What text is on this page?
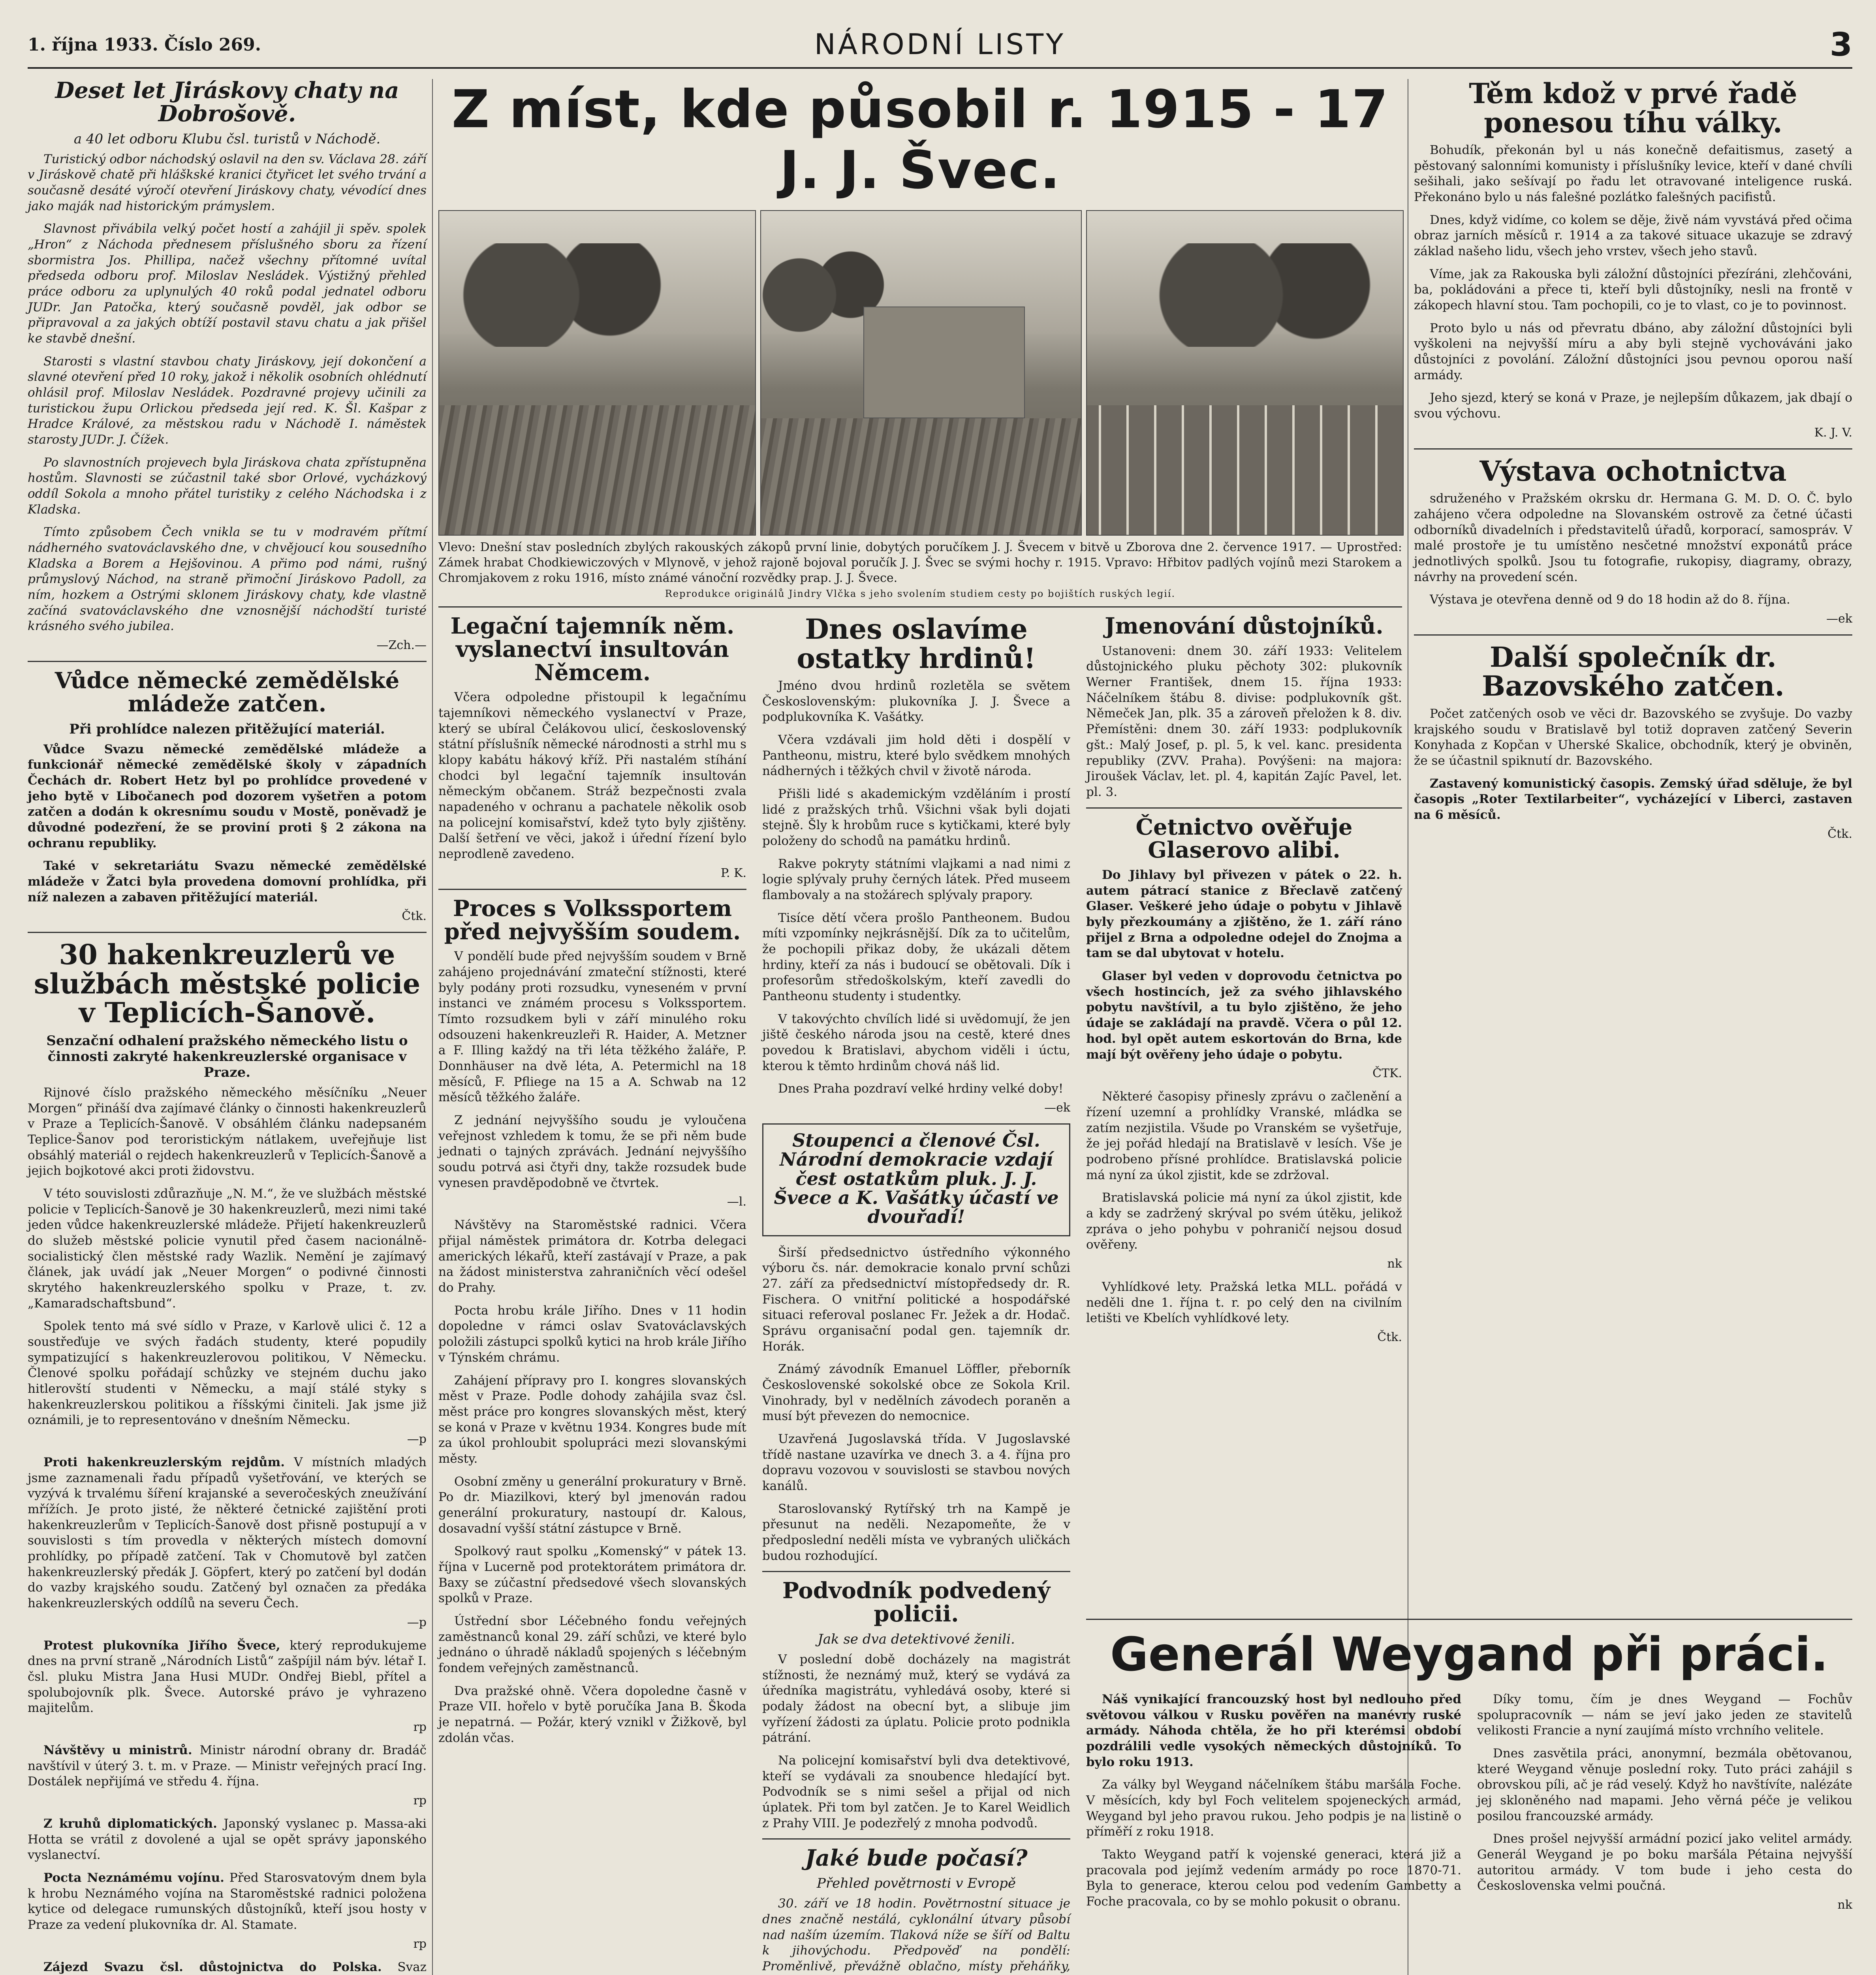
1. října 1933. Číslo 269.	NÁRODNÍ LISTY	3
Deset let Jiráskovy chaty na Dobrošově.
a 40 let odboru Klubu čsl. turistů v Náchodě.

Turistický odbor náchodský oslavil na den sv. Václava 28. září v Jiráskově chatě při hláškské kranici čtyřicet let svého trvání a současně desáté výročí otevření Jiráskovy chaty, vévodící dnes jako maják nad historickým prámyslem.

Slavnost přivábila velký počet hostí a zahájil ji spěv. spolek „Hron“ z Náchoda přednesem příslušného sboru za řízení sbormistra Jos. Phillipa, načež všechny přítomné uvítal předseda odboru prof. Miloslav Nesládek. Výstižný přehled práce odboru za uplynulých 40 roků podal jednatel odboru JUDr. Jan Patočka, který současně povděl, jak odbor se připravoval a za jakých obtíží postavil stavu chatu a jak přišel ke stavbě dnešní.

Starosti s vlastní stavbou chaty Jiráskovy, její dokončení a slavné otevření před 10 roky, jakož i několik osobních ohlédnutí ohlásil prof. Miloslav Nesládek. Pozdravné projevy učinili za turistickou župu Orlickou předseda její red. K. Šl. Kašpar z Hradce Králové, za městskou radu v Náchodě I. náměstek starosty JUDr. J. Čížek.

Po slavnostních projevech byla Jiráskova chata zpřístupněna hostům. Slavnosti se zúčastnil také sbor Orlové, vycházkový oddíl Sokola a mnoho přátel turistiky z celého Náchodska i z Kladska.

Tímto způsobem Čech vnikla se tu v modravém přítmí nádherného svatováclavského dne, v chvějoucí kou sousedního Kladska a Borem a Hejšovinou. A přimo pod námi, rušný průmyslový Náchod, na straně přimoční Jiráskovo Padoll, za ním, hozkem a Ostrými sklonem Jiráskovy chaty, kde vlastně začíná svatováclavského dne vznosnější náchodští turisté krásného svého jubilea.

—Zch.—
Vůdce německé zemědělské mládeže zatčen.
Při prohlídce nalezen přitěžující materiál.

Vůdce Svazu německé zemědělské mládeže a funkcionář německé zemědělské školy v západních Čechách dr. Robert Hetz byl po prohlídce provedené v jeho bytě v Libočanech pod dozorem vyšetřen a potom zatčen a dodán k okresnímu soudu v Mostě, poněvadž je důvodné podezření, že se proviní proti § 2 zákona na ochranu republiky.

Také v sekretariátu Svazu německé zemědělské mládeže v Žatci byla provedena domovní prohlídka, při níž nalezen a zabaven přitěžující materiál.

Čtk.
30 hakenkreuzlerů ve službách městské policie v Teplicích-Šanově.
Senzační odhalení pražského německého listu o činnosti zakryté hakenkreuzlerské organisace v Praze.

Rijnové číslo pražského německého měsíčníku „Neuer Morgen“ přináší dva zajímavé články o činnosti hakenkreuzlerů v Praze a Teplicích-Šanově. V obsáhlém článku nadepsaném Teplice-Šanov pod teroristickým nátlakem, uveřejňuje list obsáhlý materiál o rejdech hakenkreuzlerů v Teplicích-Šanově a jejich bojkotové akci proti židovstvu.

V této souvislosti zdůrazňuje „N. M.“, že ve službách městské policie v Teplicích-Šanově je 30 hakenkreuzlerů, mezi nimi také jeden vůdce hakenkreuzlerské mládeže. Přijetí hakenkreuzlerů do služeb městské policie vynutil před časem nacionálně-socialistický člen městské rady Wazlik. Nemění je zajímavý článek, jak uvádí jak „Neuer Morgen“ o podivné činnosti skrytého hakenkreuzlerského spolku v Praze, t. zv. „Kamaradschaftsbund“.

Spolek tento má své sídlo v Praze, v Karlově ulici č. 12 a soustřeďuje ve svých řadách studenty, které popudily sympatizující s hakenkreuzlerovou politikou, V Německu. Členové spolku pořádají schůzky ve stejném duchu jako hitlerovští studenti v Německu, a mají stálé styky s hakenkreuzlerskou politikou a říšskými činiteli. Jak jsme již oznámili, je to representováno v dnešním Německu.

—p

Proti hakenkreuzlerským rejdům. V místních mladých jsme zaznamenali řadu případů vyšetřování, ve kterých se vyzývá k trvalému šíření krajanské a severočeských zneužívání mřížích. Je proto jisté, že některé četnické zajištění proti hakenkreuzlerům v Teplicích-Šanově dost přisně postupují a v souvislosti s tím provedla v některých místech domovní prohlídky, po případě zatčení. Tak v Chomutově byl zatčen hakenkreuzlerský předák J. Göpfert, který po zatčení byl dodán do vazby krajského soudu. Zatčený byl označen za předáka hakenkreuzlerských oddílů na severu Čech.

—p

Protest plukovníka Jiřího Švece, který reprodukujeme dnes na první straně „Národních Listů“ zašpíjil nám býv. létař I. čsl. pluku Mistra Jana Husi MUDr. Ondřej Biebl, přítel a spolubojovník plk. Švece. Autorské právo je vyhrazeno majitelům.

rp

Návštěvy u ministrů. Ministr národní obrany dr. Bradáč navštívil v úterý 3. t. m. v Praze. — Ministr veřejných prací Ing. Dostálek nepřijímá ve středu 4. října.

rp

Z kruhů diplomatických. Japonský vyslanec p. Massa-aki Hotta se vrátil z dovolené a ujal se opět správy japonského vyslanectví.

Pocta Neznámému vojínu. Před Starosvatovým dnem byla k hrobu Neznámého vojína na Staroměstské radnici položena kytice od delegace rumunských důstojníků, kteří jsou hosty v Praze za vedení plukovníka dr. Al. Stamate.

rp

Zájezd Svazu čsl. důstojnictva do Polska. Svaz

Z míst, kde působil r. 1915 - 17 J. J. Švec.

Vlevo: Dnešní stav posledních zbylých rakouských zákopů první linie, dobytých poručíkem J. J. Švecem v bitvě u Zborova dne 2. července 1917. — Uprostřed: Zámek hrabat Chodkiewiczových v Mlynově, v jehož rajoně bojoval poručík J. J. Švec se svými hochy r. 1915. Vpravo: Hřbitov padlých vojínů mezi Starokem a Chromjakovem z roku 1916, místo známé vánoční rozvědky prap. J. J. Švece.

Reprodukce originálů Jindry Vlčka s jeho svolením studiem cesty po bojištích ruských legií.
Legační tajemník něm. vyslanectví insultován Němcem.

Včera odpoledne přistoupil k legačnímu tajemníkovi německého vyslanectví v Praze, který se ubíral Čelákovou ulicí, československý státní příslušník německé národnosti a strhl mu s klopy kabátu hákový kříž. Při nastalém stíhání chodci byl legační tajemník insultován německým občanem. Stráž bezpečnosti zvala napadeného v ochranu a pachatele několik osob na policejní komisařství, kdež tyto byly zjištěny. Další šetření ve věci, jakož i úřední řízení bylo neprodleně zavedeno.

P. K.
Proces s Volkssportem před nejvyšším soudem.

V pondělí bude před nejvyšším soudem v Brně zahájeno projednávání zmateční stížnosti, které byly podány proti rozsudku, vyneseném v první instanci ve známém procesu s Volkssportem. Tímto rozsudkem byli v září minulého roku odsouzeni hakenkreuzleři R. Haider, A. Metzner a F. Illing každý na tři léta těžkého žaláře, P. Donnhäuser na dvě léta, A. Petermichl na 18 měsíců, F. Pfliege na 15 a A. Schwab na 12 měsíců těžkého žaláře.

Z jednání nejvyššího soudu je vyloučena veřejnost vzhledem k tomu, že se při něm bude jednati o tajných zprávách. Jednání nejvyššího soudu potrvá asi čtyři dny, takže rozsudek bude vynesen pravděpodobně ve čtvrtek.

—l.

Návštěvy na Staroměstské radnici. Včera přijal náměstek primátora dr. Kotrba delegaci amerických lékařů, kteří zastávají v Praze, a pak na žádost ministerstva zahraničních věcí odešel do Prahy.

Pocta hrobu krále Jiřího. Dnes v 11 hodin dopoledne v rámci oslav Svatováclavských položili zástupci spolků kytici na hrob krále Jiřího v Týnském chrámu.

Zahájení přípravy pro I. kongres slovanských měst v Praze. Podle dohody zahájila svaz čsl. měst práce pro kongres slovanských měst, který se koná v Praze v květnu 1934. Kongres bude mít za úkol prohloubit spolupráci mezi slovanskými městy.

Osobní změny u generální prokuratury v Brně. Po dr. Miazilkovi, který byl jmenován radou generální prokuratury, nastoupí dr. Kalous, dosavadní vyšší státní zástupce v Brně.

Spolkový raut spolku „Komenský“ v pátek 13. října v Lucerně pod protektorátem primátora dr. Baxy se zúčastní předsedové všech slovanských spolků v Praze.

Ústřední sbor Léčebného fondu veřejných zaměstnanců konal 29. září schůzi, ve které bylo jednáno o úhradě nákladů spojených s léčebným fondem veřejných zaměstnanců.

Dva pražské ohně. Včera dopoledne časně v Praze VII. hořelo v bytě poručíka Jana B. Škoda je nepatrná. — Požár, který vznikl v Žižkově, byl zdolán včas.

Dnes oslavíme ostatky hrdinů!

Jméno dvou hrdinů rozletěla se světem Československým: plukovníka J. J. Švece a podplukovníka K. Vašátky.

Včera vzdávali jim hold děti i dospělí v Pantheonu, mistru, které bylo svědkem mnohých nádherných i těžkých chvil v životě národa.

Přišli lidé s akademickým vzděláním i prostí lidé z pražských trhů. Všichni však byli dojati stejně. Šly k hrobům ruce s kytičkami, které byly položeny do schodů na památku hrdinů.

Rakve pokryty státními vlajkami a nad nimi z logie splývaly pruhy černých látek. Před museem flambovaly a na stožárech splývaly prapory.

Tisíce dětí včera prošlo Pantheonem. Budou míti vzpomínky nejkrásnější. Dík za to učitelům, že pochopili přikaz doby, že ukázali dětem hrdiny, kteří za nás i budoucí se obětovali. Dík i profesorům středoškolským, kteří zavedli do Pantheonu studenty i studentky.

V takovýchto chvílích lidé si uvědomují, že jen jiště českého národa jsou na cestě, které dnes povedou k Bratislavi, abychom viděli i úctu, kterou k těmto hrdinům chová náš lid.

Dnes Praha pozdraví velké hrdiny velké doby!

—ek
Stoupenci a členové Čsl. Národní demokracie vzdají čest ostatkům pluk. J. J. Švece a K. Vašátky účastí ve dvouřadí!

Širší předsednictvo ústředního výkonného výboru čs. nár. demokracie konalo první schůzi 27. září za předsednictví místopředsedy dr. R. Fischera. O vnitřní politické a hospodářské situaci referoval poslanec Fr. Ježek a dr. Hodač. Správu organisační podal gen. tajemník dr. Horák.

Známý závodník Emanuel Löffler, přeborník Československé sokolské obce ze Sokola Kril. Vinohrady, byl v nedělních závodech poraněn a musí být převezen do nemocnice.

Uzavřená Jugoslavská třída. V Jugoslavské třídě nastane uzavírka ve dnech 3. a 4. října pro dopravu vozovou v souvislosti se stavbou nových kanálů.

Staroslovanský Rytířský trh na Kampě je přesunut na neděli. Nezapomeňte, že v předposlední neděli místa ve vybraných uličkách budou rozhodující.

Podvodník podvedený policii.
Jak se dva detektivové ženili.

V poslední době docházely na magistrát stížnosti, že neznámý muž, který se vydává za úředníka magistrátu, vyhledává osoby, které si podaly žádost na obecní byt, a slibuje jim vyřízení žádosti za úplatu. Policie proto podnikla pátrání.

Na policejní komisařství byli dva detektivové, kteří se vydávali za snoubence hledající byt. Podvodník se s nimi sešel a přijal od nich úplatek. Při tom byl zatčen. Je to Karel Weidlich z Prahy VIII. Je podezřelý z mnoha podvodů.

Jaké bude počasí?
Přehled povětrnosti v Evropě

30. září ve 18 hodin. Povětrnostní situace je dnes značně nestálá, cyklonální útvary působí nad naším územím. Tlaková níže se šíří od Baltu k jihovýchodu. Předpověď na pondělí: Proměnlivě, převážně oblačno, místy přeháňky,

Jmenování důstojníků.

Ustanoveni: dnem 30. září 1933: Velitelem důstojnického pluku pěchoty 302: plukovník Werner František, dnem 15. října 1933: Náčelníkem štábu 8. divise: podplukovník gšt. Němeček Jan, plk. 35 a zároveň přeložen k 8. div. Přemístěni: dnem 30. září 1933: podplukovník gšt.: Malý Josef, p. pl. 5, k vel. kanc. presidenta republiky (ZVV. Praha). Povýšeni: na majora: Jiroušek Václav, let. pl. 4, kapitán Zajíc Pavel, let. pl. 3.

Četnictvo ověřuje Glaserovo alibi.

Do Jihlavy byl přivezen v pátek o 22. h. autem pátrací stanice z Břeclavě zatčený Glaser. Veškeré jeho údaje o pobytu v Jihlavě byly přezkoumány a zjištěno, že 1. září ráno přijel z Brna a odpoledne odejel do Znojma a tam se dal ubytovat v hotelu.

Glaser byl veden v doprovodu četnictva po všech hostincích, jež za svého jihlavského pobytu navštívil, a tu bylo zjištěno, že jeho údaje se zakládají na pravdě. Včera o půl 12. hod. byl opět autem eskortován do Brna, kde mají být ověřeny jeho údaje o pobytu.

ČTK.

Některé časopisy přinesly zprávu o začlenění a řízení uzemní a prohlídky Vranské, mládka se zatím nezjistila. Všude po Vranském se vyšetřuje, že jej pořád hledají na Bratislavě v lesích. Vše je podrobeno přísné prohlídce. Bratislavská policie má nyní za úkol zjistit, kde se zdržoval.

Bratislavská policie má nyní za úkol zjistit, kde a kdy se zadržený skrýval po svém útěku, jelikož zpráva o jeho pohybu v pohraničí nejsou dosud ověřeny.

nk

Vyhlídkové lety. Pražská letka MLL. pořádá v neděli dne 1. října t. r. po celý den na civilním letišti ve Kbelích vyhlídkové lety.

Čtk.
Těm kdož v prvé řadě ponesou tíhu války.

Bohudík, překonán byl u nás konečně defaitismus, zasetý a pěstovaný salonními komunisty i příslušníky levice, kteří v dané chvíli sešihali, jako sešívají po řadu let otravované inteligence ruská. Překonáno bylo u nás falešné pozlátko falešných pacifistů.

Dnes, když vidíme, co kolem se děje, živě nám vyvstává před očima obraz jarních měsíců r. 1914 a za takové situace ukazuje se zdravý základ našeho lidu, všech jeho vrstev, všech jeho stavů.

Víme, jak za Rakouska byli záložní důstojníci přezíráni, zlehčováni, ba, pokládováni a přece ti, kteří byli důstojníky, nesli na frontě v zákopech hlavní stou. Tam pochopili, co je to vlast, co je to povinnost.

Proto bylo u nás od převratu dbáno, aby záložní důstojníci byli vyškoleni na nejvyšší míru a aby byli stejně vychováváni jako důstojníci z povolání. Záložní důstojníci jsou pevnou oporou naší armády.

Jeho sjezd, který se koná v Praze, je nejlepším důkazem, jak dbají o svou výchovu.

K. J. V.
Výstava ochotnictva

sdruženého v Pražském okrsku dr. Hermana G. M. D. O. Č. bylo zahájeno včera odpoledne na Slovanském ostrově za četné účasti odborníků divadelních i představitelů úřadů, korporací, samospráv. V malé prostoře je tu umístěno nesčetné množství exponátů práce jednotlivých spolků. Jsou tu fotografie, rukopisy, diagramy, obrazy, návrhy na provedení scén.

Výstava je otevřena denně od 9 do 18 hodin až do 8. října.

—ek
Další společník dr. Bazovského zatčen.

Počet zatčených osob ve věci dr. Bazovského se zvyšuje. Do vazby krajského soudu v Bratislavě byl totiž dopraven zatčený Severin Konyhada z Kopčan v Uherské Skalice, obchodník, který je obviněn, že se účastnil spiknutí dr. Bazovského.

Zastavený komunistický časopis. Zemský úřad sděluje, že byl časopis „Roter Textilarbeiter“, vycházející v Liberci, zastaven na 6 měsíců.

Čtk.
Generál Weygand při práci.

Náš vynikající francouzský host byl nedlouho před světovou válkou v Rusku pověřen na manévry ruské armády. Náhoda chtěla, že ho při kterémsi období pozdrálili vedle vysokých německých důstojníků. To bylo roku 1913.

Za války byl Weygand náčelníkem štábu maršála Foche. V měsících, kdy byl Foch velitelem spojeneckých armád, Weygand byl jeho pravou rukou. Jeho podpis je na listině o příměří z roku 1918.

Takto Weygand patří k vojenské generaci, která již a pracovala pod jejímž vedením armády po roce 1870-71. Byla to generace, kterou celou pod vedením Gambetty a Foche pracovala, co by se mohlo pokusit o obranu.

Díky tomu, čím je dnes Weygand — Fochův spolupracovník — nám se jeví jako jeden ze stavitelů velikosti Francie a nyní zaujímá místo vrchního velitele.

Dnes zasvětila práci, anonymní, bezmála obětovanou, které Weygand věnuje poslední roky. Tuto práci zahájil s obrovskou píli, ač je rád veselý. Když ho navštívíte, nalézáte jej skloněného nad mapami. Jeho věrná péče je velikou posilou francouzské armády.

Dnes prošel nejvyšší armádní pozicí jako velitel armády. Generál Weygand je po boku maršála Pétaina nejvyšší autoritou armády. V tom bude i jeho cesta do Československa velmi poučná.

nk
